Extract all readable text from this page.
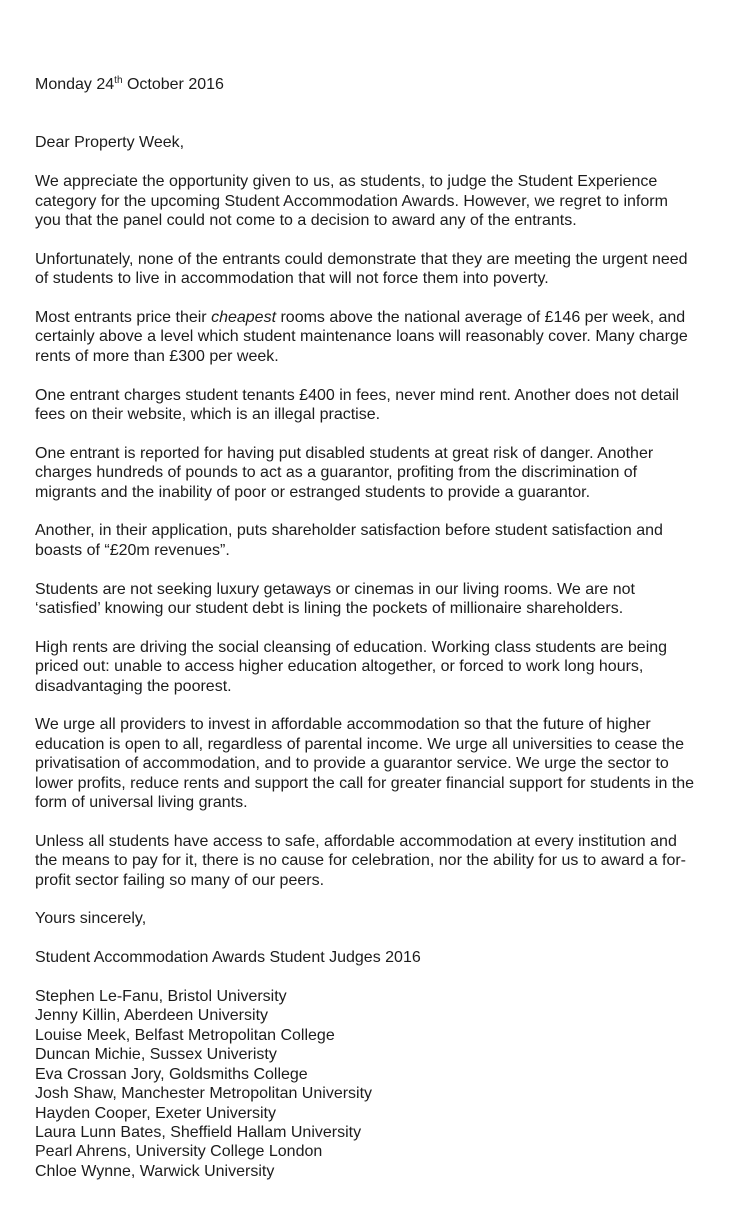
Monday 24th October 2016
Dear Property Week,
We appreciate the opportunity given to us, as students, to judge the Student Experience
category for the upcoming Student Accommodation Awards. However, we regret to inform
you that the panel could not come to a decision to award any of the entrants.
Unfortunately, none of the entrants could demonstrate that they are meeting the urgent need
of students to live in accommodation that will not force them into poverty.
Most entrants price their cheapest rooms above the national average of £146 per week, and
certainly above a level which student maintenance loans will reasonably cover. Many charge
rents of more than £300 per week.
One entrant charges student tenants £400 in fees, never mind rent. Another does not detail
fees on their website, which is an illegal practise.
One entrant is reported for having put disabled students at great risk of danger. Another
charges hundreds of pounds to act as a guarantor, profiting from the discrimination of
migrants and the inability of poor or estranged students to provide a guarantor.
Another, in their application, puts shareholder satisfaction before student satisfaction and
boasts of “£20m revenues”.
Students are not seeking luxury getaways or cinemas in our living rooms. We are not
‘satisfied’ knowing our student debt is lining the pockets of millionaire shareholders.
High rents are driving the social cleansing of education. Working class students are being
priced out: unable to access higher education altogether, or forced to work long hours,
disadvantaging the poorest.
We urge all providers to invest in affordable accommodation so that the future of higher
education is open to all, regardless of parental income. We urge all universities to cease the
privatisation of accommodation, and to provide a guarantor service. We urge the sector to
lower profits, reduce rents and support the call for greater financial support for students in the
form of universal living grants.
Unless all students have access to safe, affordable accommodation at every institution and
the means to pay for it, there is no cause for celebration, nor the ability for us to award a for-
profit sector failing so many of our peers.
Yours sincerely,
Student Accommodation Awards Student Judges 2016
Stephen Le-Fanu, Bristol University
Jenny Killin, Aberdeen University
Louise Meek, Belfast Metropolitan College
Duncan Michie, Sussex Univeristy
Eva Crossan Jory, Goldsmiths College
Josh Shaw, Manchester Metropolitan University
Hayden Cooper, Exeter University
Laura Lunn Bates, Sheffield Hallam University
Pearl Ahrens, University College London
Chloe Wynne, Warwick University
